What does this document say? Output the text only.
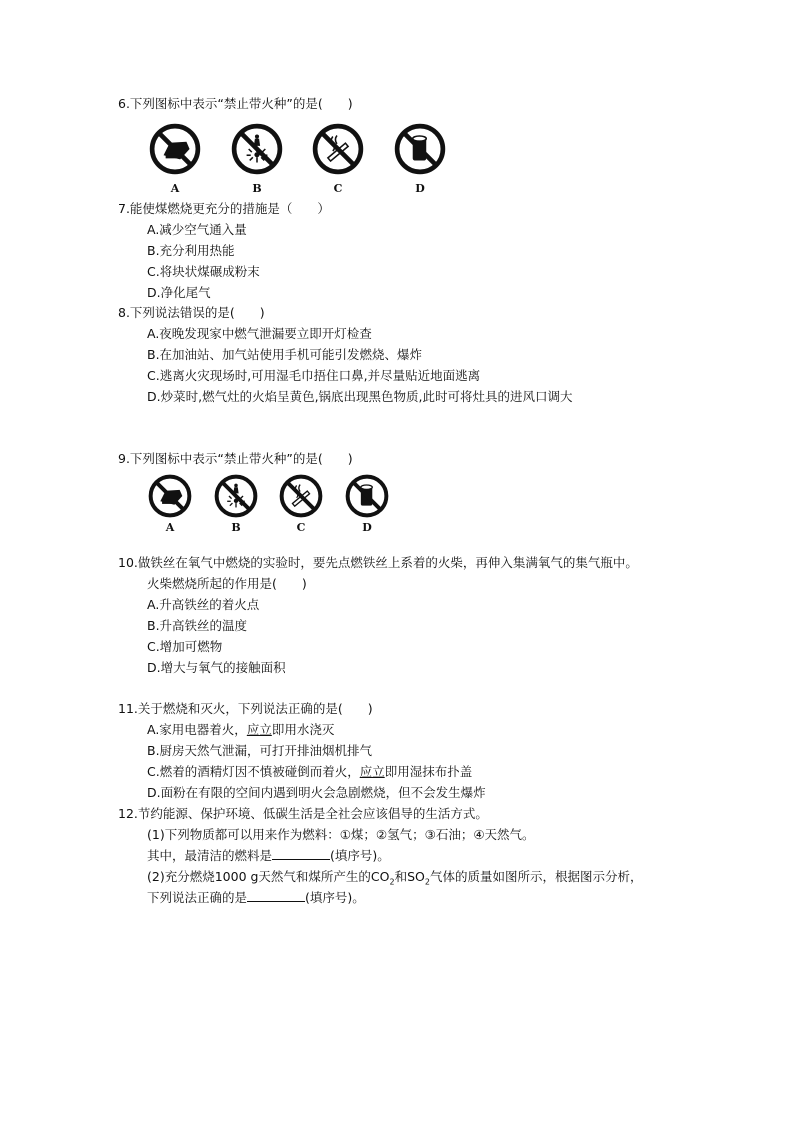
6.下列图标中表示“禁止带火种”的是(　　)
A	B	C	D
7.能使煤燃烧更充分的措施是（　　）
A.减少空气通入量
B.充分利用热能
C.将块状煤碾成粉末
D.净化尾气
8.下列说法错误的是(　　)
A.夜晚发现家中燃气泄漏要立即开灯检查
B.在加油站、加气站使用手机可能引发燃烧、爆炸
C.逃离火灾现场时,可用湿毛巾捂住口鼻,并尽量贴近地面逃离
D.炒菜时,燃气灶的火焰呈黄色,锅底出现黑色物质,此时可将灶具的进风口调大
9.下列图标中表示“禁止带火种”的是(　　)
A	B	C	D
10.做铁丝在氧气中燃烧的实验时，要先点燃铁丝上系着的火柴，再伸入集满氧气的集气瓶中。
火柴燃烧所起的作用是(　　)
A.升高铁丝的着火点
B.升高铁丝的温度
C.增加可燃物
D.增大与氧气的接触面积
11.关于燃烧和灭火，下列说法正确的是(　　)
A.家用电器着火，应立即用水浇灭
B.厨房天然气泄漏，可打开排油烟机排气
C.燃着的酒精灯因不慎被碰倒而着火，应立即用湿抹布扑盖
D.面粉在有限的空间内遇到明火会急剧燃烧，但不会发生爆炸
12.节约能源、保护环境、低碳生活是全社会应该倡导的生活方式。
(1)下列物质都可以用来作为燃料：①煤；②氢气；③石油；④天然气。
其中，最清洁的燃料是	(填序号)。
(2)充分燃烧1000 g天然气和煤所产生的$CO_2$和$SO_2$气体的质量如图所示，根据图示分析，
下列说法正确的是	(填序号)。
